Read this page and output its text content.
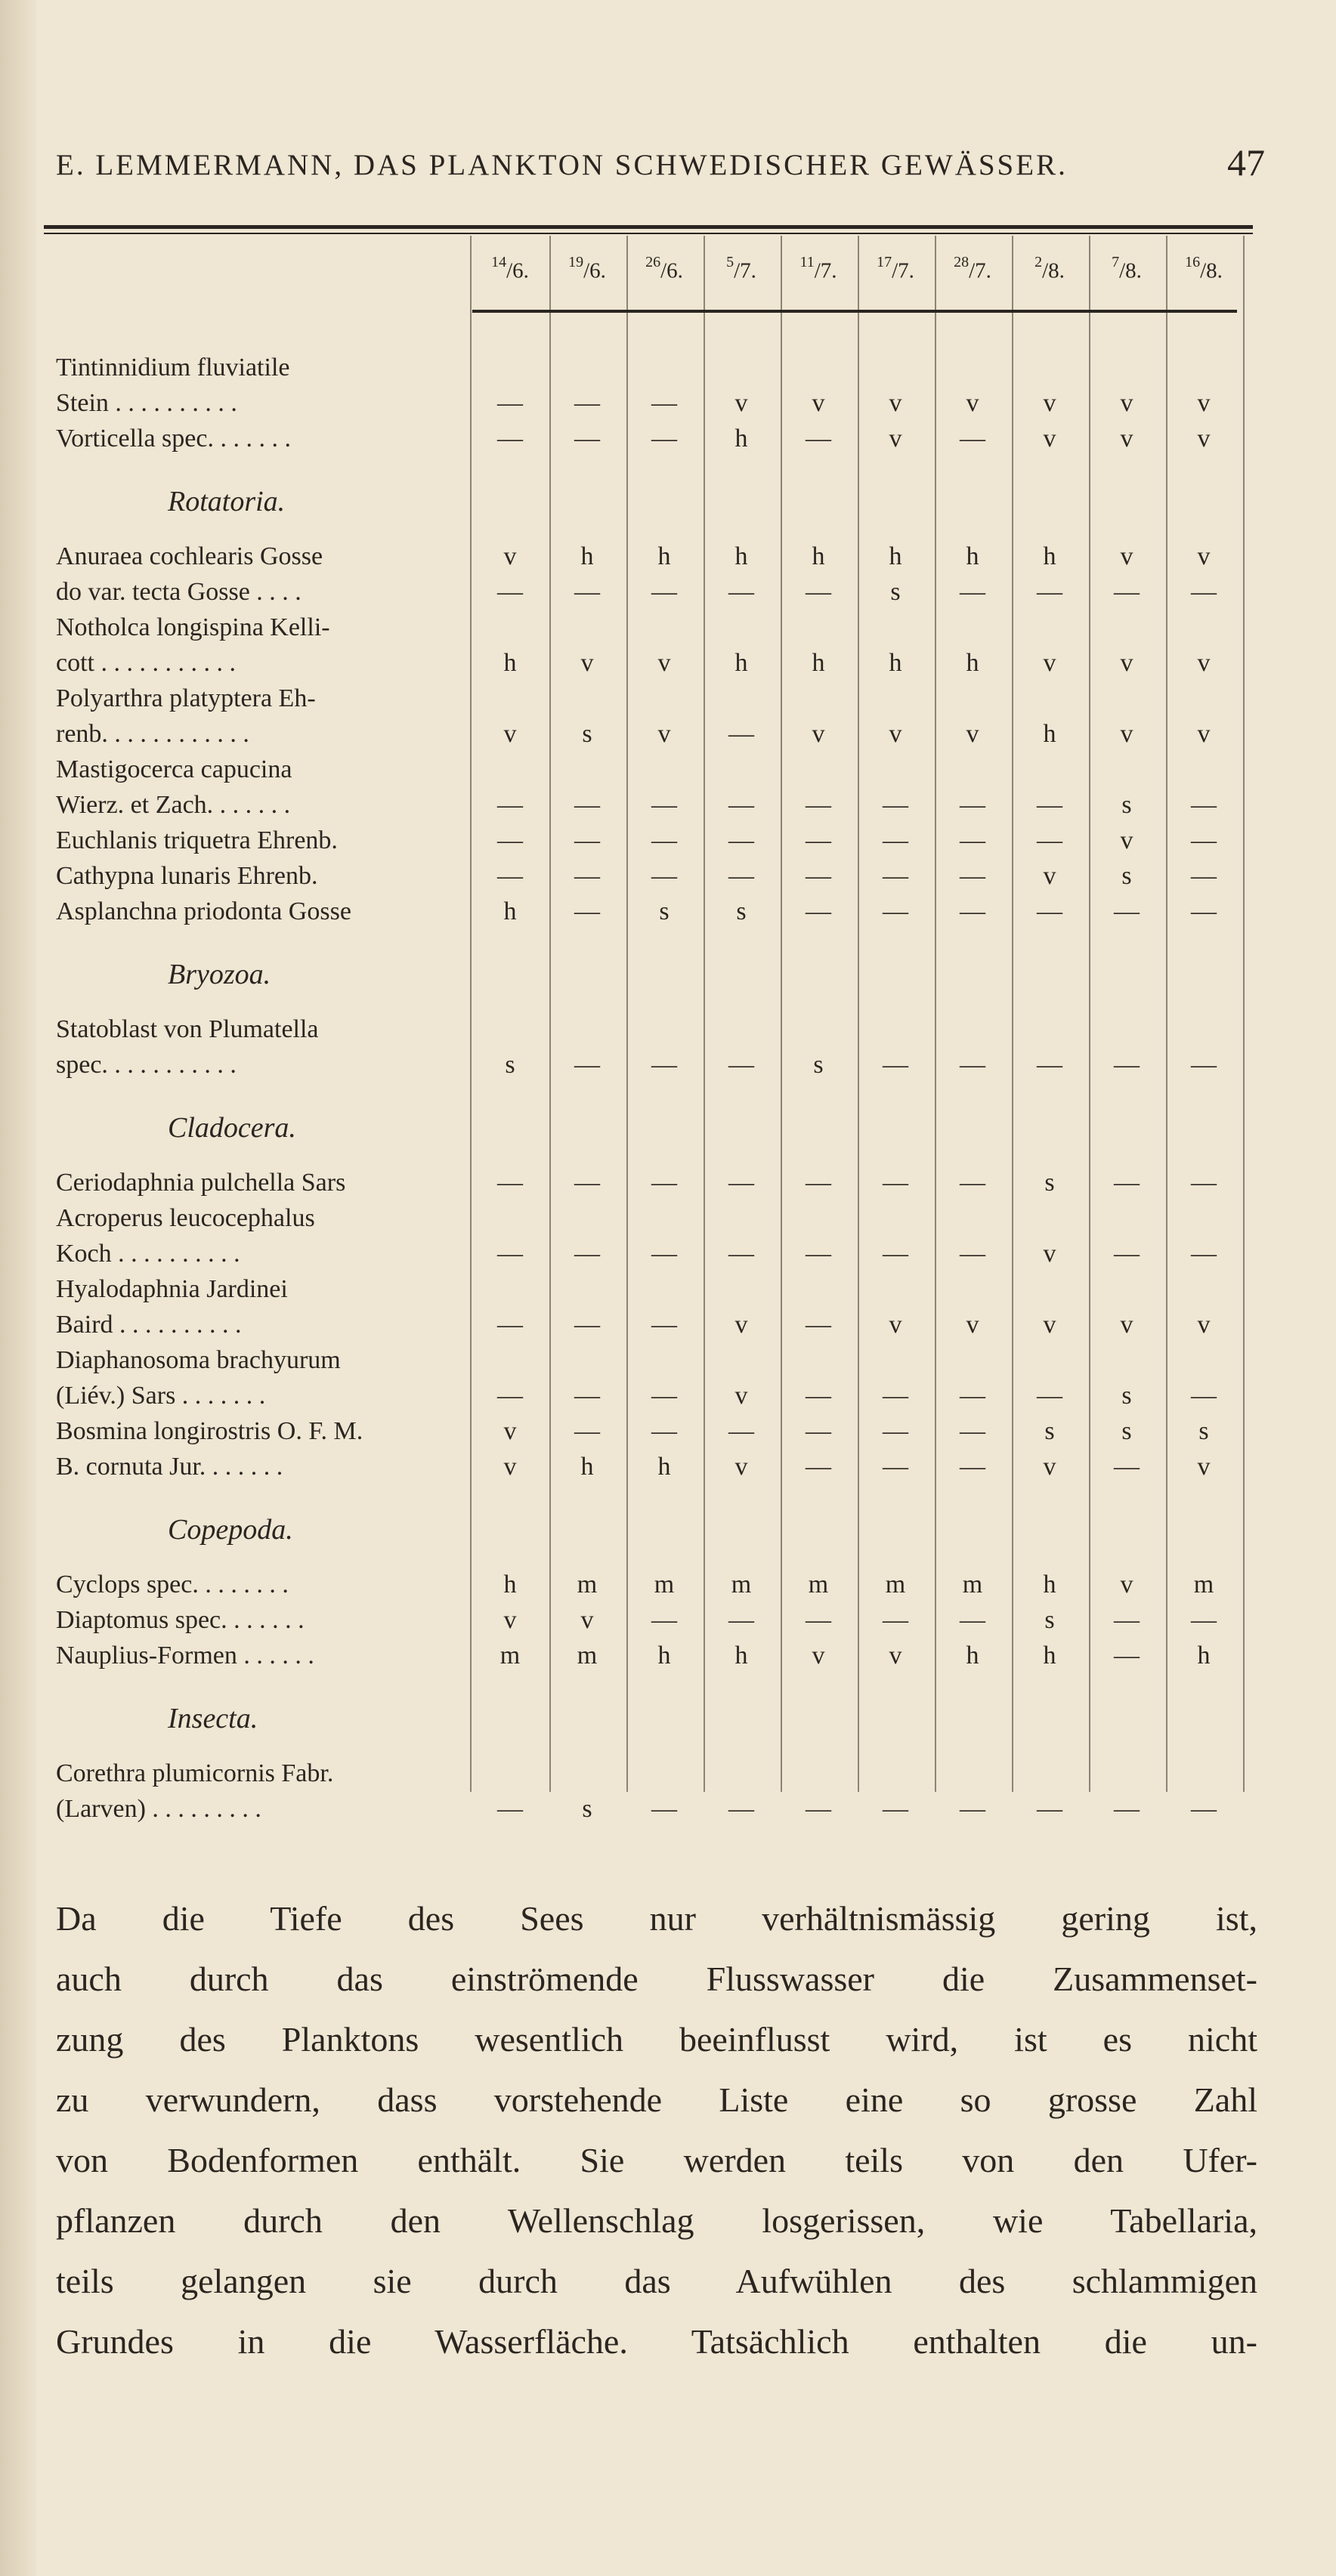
E. LEMMERMANN, DAS PLANKTON SCHWEDISCHER GEWÄSSER.	47
$^{14}$/6.	$^{19}$/6.	$^{26}$/6.	$^5$/7.	$^{11}$/7.	$^{17}$/7.	$^{28}$/7.	$^2$/8.	$^7$/8.	$^{16}$/8.
Tintinnidium fluviatile
Stein . . . . . . . . . .	—	—	—	v	v	v	v	v	v	v
Vorticella spec. . . . . . .	—	—	—	h	—	v	—	v	v	v
Rotatoria.
Anuraea cochlearis Gosse	v	h	h	h	h	h	h	h	v	v
do var. tecta Gosse . . . .	—	—	—	—	—	s	—	—	—	—
Notholca longispina Kelli-
cott . . . . . . . . . . .	h	v	v	h	h	h	h	v	v	v
Polyarthra platyptera Eh-
renb. . . . . . . . . . . .	v	s	v	—	v	v	v	h	v	v
Mastigocerca capucina
Wierz. et Zach. . . . . . .	—	—	—	—	—	—	—	—	s	—
Euchlanis triquetra Ehrenb.	—	—	—	—	—	—	—	—	v	—
Cathypna lunaris Ehrenb.	—	—	—	—	—	—	—	v	s	—
Asplanchna priodonta Gosse	h	—	s	s	—	—	—	—	—	—
Bryozoa.
Statoblast von Plumatella
spec. . . . . . . . . . .	s	—	—	—	s	—	—	—	—	—
Cladocera.
Ceriodaphnia pulchella Sars	—	—	—	—	—	—	—	s	—	—
Acroperus leucocephalus
Koch . . . . . . . . . .	—	—	—	—	—	—	—	v	—	—
Hyalodaphnia Jardinei
Baird . . . . . . . . . .	—	—	—	v	—	v	v	v	v	v
Diaphanosoma brachyurum
(Liév.) Sars . . . . . . .	—	—	—	v	—	—	—	—	s	—
Bosmina longirostris O. F. M.	v	—	—	—	—	—	—	s	s	s
B. cornuta Jur. . . . . . .	v	h	h	v	—	—	—	v	—	v
Copepoda.
Cyclops spec. . . . . . . .	h	m	m	m	m	m	m	h	v	m
Diaptomus spec. . . . . . .	v	v	—	—	—	—	—	s	—	—
Nauplius-Formen . . . . . .	m	m	h	h	v	v	h	h	—	h
Insecta.
Corethra plumicornis Fabr.
(Larven) . . . . . . . . .	—	s	—	—	—	—	—	—	—	—
Da die Tiefe des Sees nur verhältnismässig gering ist,
auch durch das einströmende Flusswasser die Zusammenset-
zung des Planktons wesentlich beeinflusst wird, ist es nicht
zu verwundern, dass vorstehende Liste eine so grosse Zahl
von Bodenformen enthält. Sie werden teils von den Ufer-
pflanzen durch den Wellenschlag losgerissen, wie Tabellaria,
teils gelangen sie durch das Aufwühlen des schlammigen
Grundes in die Wasserfläche. Tatsächlich enthalten die un-
